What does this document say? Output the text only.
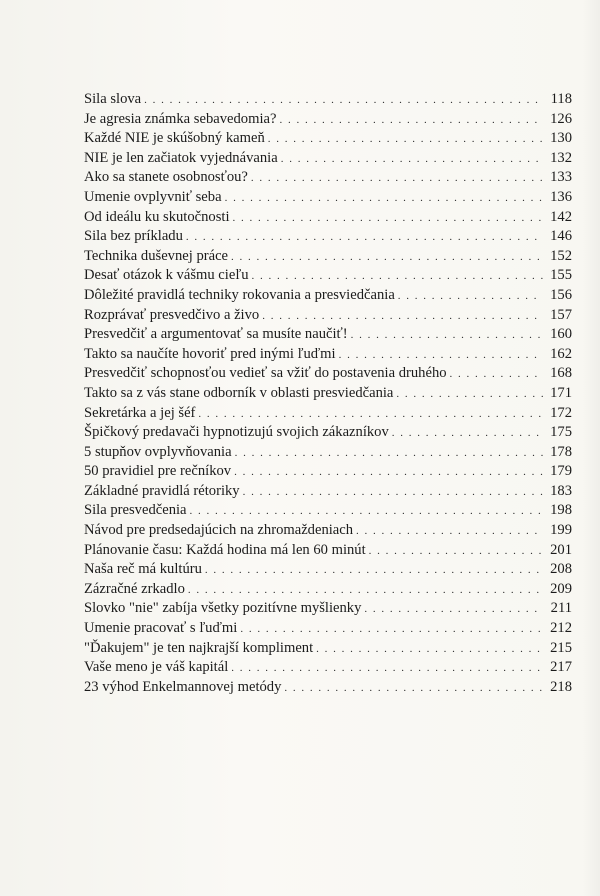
Sila slova . . .	118
Je agresia známka sebavedomia? . . .	126
Každé NIE je skúšobný kameň . . .	130
NIE je len začiatok vyjednávania . . .	132
Ako sa stanete osobnosťou? . . .	133
Umenie ovplyvniť seba . . .	136
Od ideálu ku skutočnosti . . .	142
Sila bez príkladu . . .	146
Technika duševnej práce . . .	152
Desať otázok k vášmu cieľu . . .	155
Dôležité pravidlá techniky rokovania a presviedčania . . .	156
Rozprávať presvedčivo a živo . . .	157
Presvedčiť a argumentovať sa musíte naučiť! . . .	160
Takto sa naučíte hovoriť pred inými ľuďmi . . .	162
Presvedčiť schopnosťou vedieť sa vžiť do postavenia druhého . . .	168
Takto sa z vás stane odborník v oblasti presviedčania . . .	171
Sekretárka a jej šéf . . .	172
Špičkový predavači hypnotizujú svojich zákazníkov . . .	175
5 stupňov ovplyvňovania . . .	178
50 pravidiel pre rečníkov . . .	179
Základné pravidlá rétoriky . . .	183
Sila presvedčenia . . .	198
Návod pre predsedajúcich na zhromaždeniach . . .	199
Plánovanie času: Každá hodina má len 60 minút . . .	201
Naša reč má kultúru . . .	208
Zázračné zrkadlo . . .	209
Slovko "nie" zabíja všetky pozitívne myšlienky . . .	211
Umenie pracovať s ľuďmi . . .	212
"Ďakujem" je ten najkrajší kompliment . . .	215
Vaše meno je váš kapitál . . .	217
23 výhod Enkelmannovej metódy . . .	218
